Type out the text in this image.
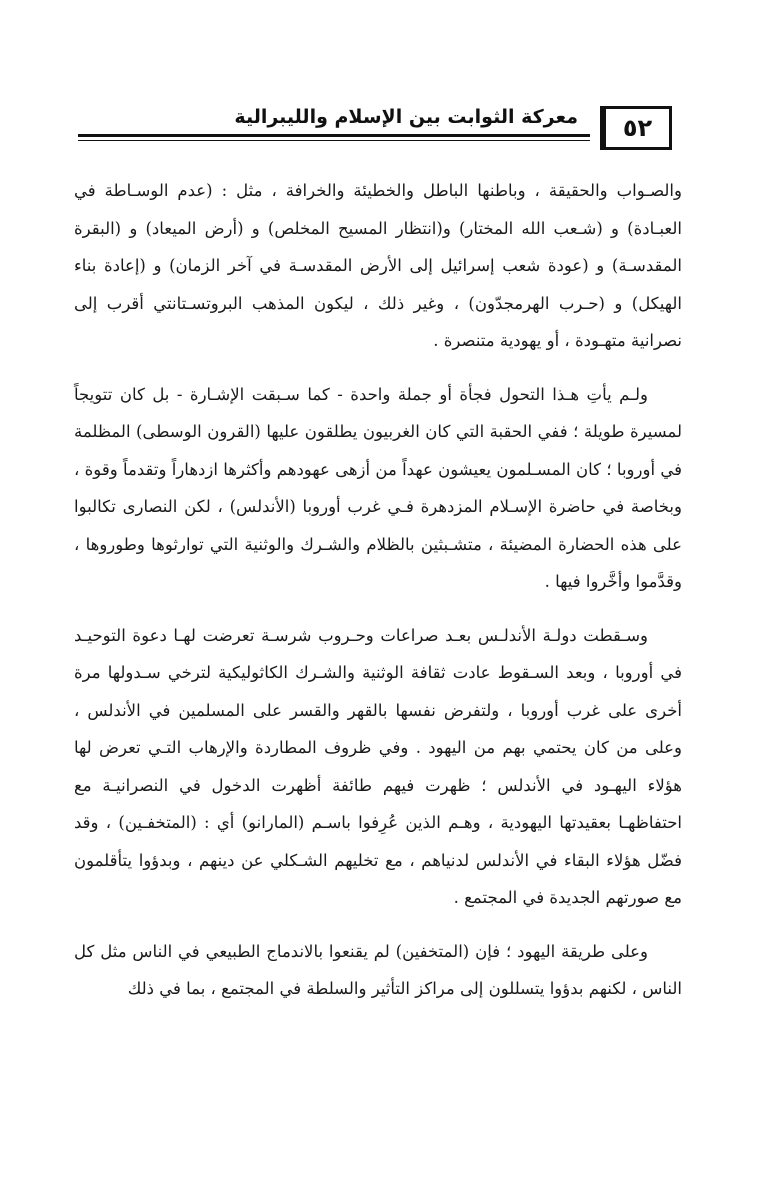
معركة الثوابت بين الإسلام والليبرالية	٥٢

والصـواب والحقيقة ، وباطنها الباطل والخطيئة والخرافة ، مثل : (عدم الوسـاطة في العبـادة) و (شـعب الله المختار) و(انتظار المسيح المخلص) و (أرض الميعاد) و (البقرة المقدسـة) و (عودة شعب إسرائيل إلى الأرض المقدسـة في آخر الزمان) و (إعادة بناء الهيكل) و (حـرب الهرمجدّون) ، وغير ذلك ، ليكون المذهب البروتسـتانتي أقرب إلى نصرانية متهـودة ، أو يهودية متنصرة .

ولـم يأتِ هـذا التحول فجأة أو جملة واحدة - كما سـبقت الإشـارة - بل كان تتويجاً لمسيرة طويلة ؛ ففي الحقبة التي كان الغربيون يطلقون عليها (القرون الوسطى) المظلمة في أوروبا ؛ كان المسـلمون يعيشون عهداً من أزهى عهودهم وأكثرها ازدهاراً وتقدماً وقوة ، وبخاصة في حاضرة الإسـلام المزدهرة فـي غرب أوروبا (الأندلس) ، لكن النصارى تكالبوا على هذه الحضارة المضيئة ، متشـبثين بالظلام والشـرك والوثنية التي توارثوها وطوروها ، وقدَّموا وأخَّروا فيها .

وسـقطت دولـة الأندلـس بعـد صراعات وحـروب شرسـة تعرضت لهـا دعوة التوحيـد في أوروبا ، وبعد السـقوط عادت ثقافة الوثنية والشـرك الكاثوليكية لترخي سـدولها مرة أخرى على غرب أوروبا ، ولتفرض نفسها بالقهر والقسر على المسلمين في الأندلس ، وعلى من كان يحتمي بهم من اليهود . وفي ظروف المطاردة والإرهاب التـي تعرض لها هؤلاء اليهـود في الأندلس ؛ ظهرت فيهم طائفة أظهرت الدخول في النصرانيـة مع احتفاظهـا بعقيدتها اليهودية ، وهـم الذين عُرِفوا باسـم (المارانو) أي : (المتخفـين) ، وقد فضّل هؤلاء البقاء في الأندلس لدنياهم ، مع تخليهم الشـكلي عن دينهم ، وبدؤوا يتأقلمون مع صورتهم الجديدة في المجتمع .

وعلى طريقة اليهود ؛ فإن (المتخفين) لم يقنعوا بالاندماج الطبيعي في الناس مثل كل الناس ، لكنهم بدؤوا يتسللون إلى مراكز التأثير والسلطة في المجتمع ، بما في ذلك
